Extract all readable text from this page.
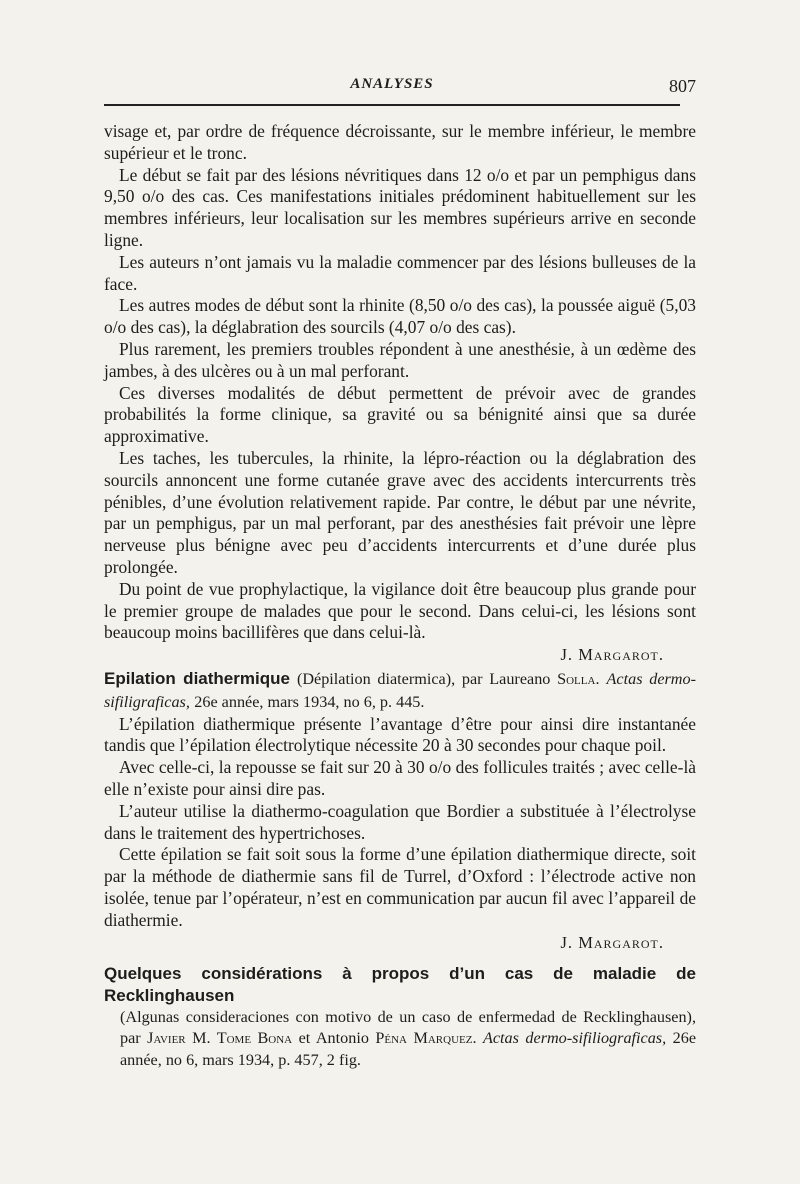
ANALYSES	807

visage et, par ordre de fréquence décroissante, sur le membre inférieur, le membre supérieur et le tronc.

Le début se fait par des lésions névritiques dans 12 o/o et par un pemphigus dans 9,50 o/o des cas. Ces manifestations initiales prédominent habituellement sur les membres inférieurs, leur localisation sur les membres supérieurs arrive en seconde ligne.

Les auteurs n’ont jamais vu la maladie commencer par des lésions bulleuses de la face.

Les autres modes de début sont la rhinite (8,50 o/o des cas), la poussée aiguë (5,03 o/o des cas), la déglabration des sourcils (4,07 o/o des cas).

Plus rarement, les premiers troubles répondent à une anesthésie, à un œdème des jambes, à des ulcères ou à un mal perforant.

Ces diverses modalités de début permettent de prévoir avec de grandes probabilités la forme clinique, sa gravité ou sa bénignité ainsi que sa durée approximative.

Les taches, les tubercules, la rhinite, la lépro-réaction ou la déglabration des sourcils annoncent une forme cutanée grave avec des accidents intercurrents très pénibles, d’une évolution relativement rapide. Par contre, le début par une névrite, par un pemphigus, par un mal perforant, par des anesthésies fait prévoir une lèpre nerveuse plus bénigne avec peu d’accidents intercurrents et d’une durée plus prolongée.

Du point de vue prophylactique, la vigilance doit être beaucoup plus grande pour le premier groupe de malades que pour le second. Dans celui-ci, les lésions sont beaucoup moins bacillifères que dans celui-là.

J. Margarot.

Epilation diathermique (Dépilation diatermica), par Laureano Solla. Actas dermo-sifiligraficas, 26e année, mars 1934, no 6, p. 445.

L’épilation diathermique présente l’avantage d’être pour ainsi dire instantanée tandis que l’épilation électrolytique nécessite 20 à 30 secondes pour chaque poil.

Avec celle-ci, la repousse se fait sur 20 à 30 o/o des follicules traités ; avec celle-là elle n’existe pour ainsi dire pas.

L’auteur utilise la diathermo-coagulation que Bordier a substituée à l’électrolyse dans le traitement des hypertrichoses.

Cette épilation se fait soit sous la forme d’une épilation diathermique directe, soit par la méthode de diathermie sans fil de Turrel, d’Oxford : l’électrode active non isolée, tenue par l’opérateur, n’est en communication par aucun fil avec l’appareil de diathermie.

J. Margarot.

Quelques considérations à propos d’un cas de maladie de Recklinghausen

(Algunas consideraciones con motivo de un caso de enfermedad de Recklinghausen), par Javier M. Tome Bona et Antonio Péna Marquez. Actas dermo-sifiliograficas, 26e année, no 6, mars 1934, p. 457, 2 fig.
